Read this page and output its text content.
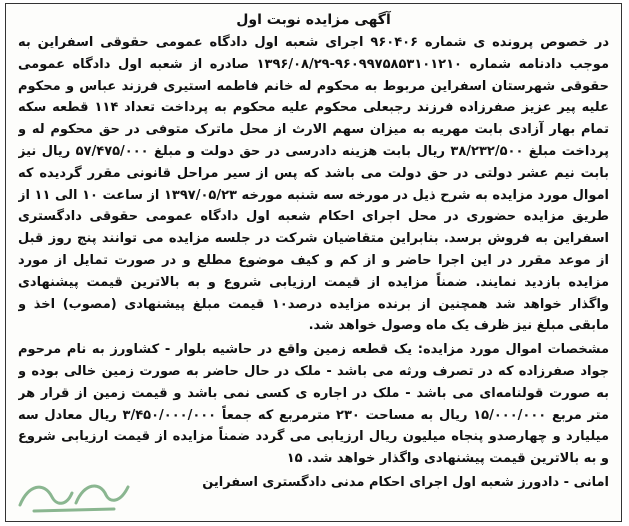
آگهی مزایده نوبت اول

در خصوص پرونده ی شماره ۹۶۰۴۰۶ اجرای شعبه اول دادگاه عمومی حقوقی اسفراین به موجب دادنامه شماره ۹۶۰۹۹۷۵۸۵۳۱۰۱۲۱۰-۱۳۹۶/۰۸/۲۹ صادره از شعبه اول دادگاه عمومی حقوقی شهرستان اسفراین مربوط به محکوم له خانم فاطمه استیری فرزند عباس و محکوم علیه پیر عزیز صفرزاده فرزند رجبعلی محکوم علیه محکوم به پرداخت تعداد ۱۱۴ قطعه سکه تمام بهار آزادی بابت مهریه به میزان سهم الارث از محل ماترک متوفی در حق محکوم له و پرداخت مبلغ ۳۸/۲۳۲/۵۰۰ ریال بابت هزینه دادرسی در حق دولت و مبلغ ۵۷/۴۷۵/۰۰۰ ریال نیز بابت نیم عشر دولتی در حق دولت می باشد که پس از سیر مراحل قانونی مقرر گردیده که اموال مورد مزایده به شرح ذیل در مورخه سه شنبه مورخه ۱۳۹۷/۰۵/۲۳ از ساعت ۱۰ الی ۱۱ از طریق مزایده حضوری در محل اجرای احکام شعبه اول دادگاه عمومی حقوقی دادگستری اسفراین به فروش برسد. بنابراین متقاضیان شرکت در جلسه مزایده می توانند پنج روز قبل از موعد مقرر در این اجرا حاضر و از کم و کیف موضوع مطلع و در صورت تمایل از مورد مزایده بازدید نمایند. ضمناً مزایده از قیمت ارزیابی شروع و به بالاترین قیمت پیشنهادی واگذار خواهد شد همچنین از برنده مزایده درصد۱۰ قیمت مبلغ پیشنهادی (مصوب) اخذ و مابقی مبلغ نیز ظرف یک ماه وصول خواهد شد.

مشخصات اموال مورد مزایده: یک قطعه زمین واقع در حاشیه بلوار - کشاورز به نام مرحوم جواد صفرزاده که در تصرف ورثه می باشد - ملک در حال حاضر به صورت زمین خالی بوده و به صورت قولنامه‌ای می باشد - ملک در اجاره ی کسی نمی باشد و قیمت زمین از قرار هر متر مربع ۱۵/۰۰۰/۰۰۰ ریال به مساحت ۲۳۰ مترمربع که جمعاً ۳/۴۵۰/۰۰۰/۰۰۰ ریال معادل سه میلیارد و چهارصدو پنجاه میلیون ریال ارزیابی می گردد ضمناً مزایده از قیمت ارزیابی شروع و به بالاترین قیمت پیشنهادی واگذار خواهد شد. ۱۵

امانی - دادورز شعبه اول اجرای احکام مدنی دادگستری اسفراین
